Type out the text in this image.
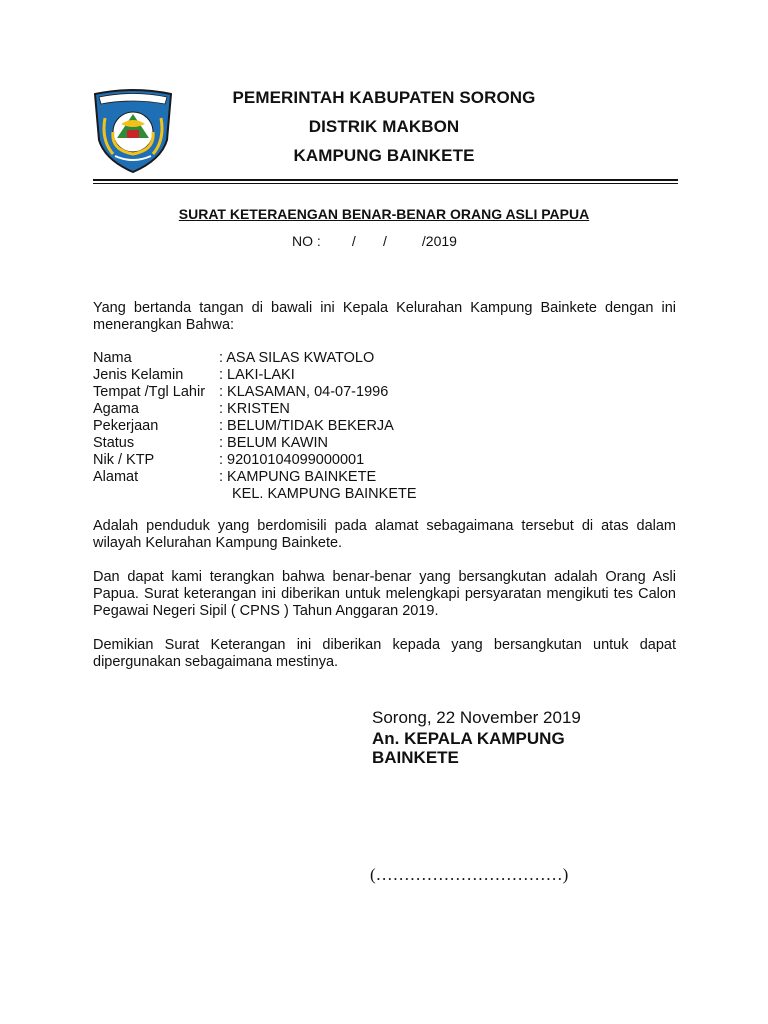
PEMERINTAH KABUPATEN SORONG
DISTRIK MAKBON
KAMPUNG BAINKETE
SURAT KETERAENGAN BENAR-BENAR ORANG ASLI PAPUA
NO :        /       /         /2019
Yang bertanda tangan di bawali ini Kepala Kelurahan Kampung Bainkete dengan ini menerangkan Bahwa:
Nama	: ASA SILAS KWATOLO
Jenis Kelamin : LAKI-LAKI
Tempat /Tgl Lahir : KLASAMAN, 04-07-1996
Agama	: KRISTEN
Pekerjaan	: BELUM/TIDAK BEKERJA
Status	: BELUM KAWIN
Nik / KTP	: 92010104099000001
Alamat	: KAMPUNG BAINKETE
KEL. KAMPUNG BAINKETE
Adalah penduduk yang berdomisili pada alamat sebagaimana tersebut di atas dalam wilayah Kelurahan Kampung Bainkete.
Dan dapat kami terangkan bahwa benar-benar yang bersangkutan adalah Orang Asli Papua. Surat keterangan ini diberikan untuk melengkapi persyaratan mengikuti tes Calon Pegawai Negeri Sipil ( CPNS ) Tahun Anggaran 2019.
Demikian Surat Keterangan ini diberikan kepada yang bersangkutan untuk dapat dipergunakan sebagaimana mestinya.
Sorong, 22 November 2019
An. KEPALA KAMPUNG
BAINKETE
(……………………………)
